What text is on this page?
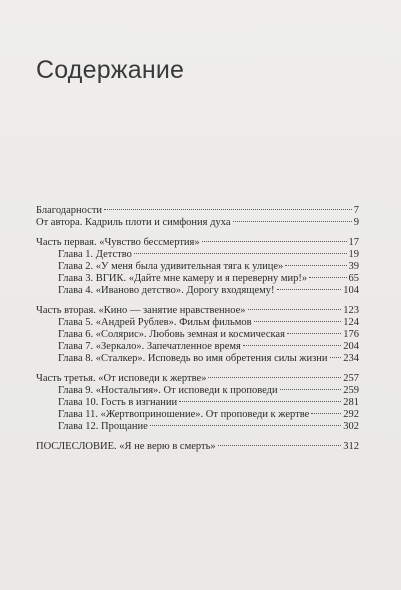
Содержание
Благодарности	7
От автора. Кадриль плоти и симфония духа	9
Часть первая. «Чувство бессмертия»	17
Глава 1. Детство	19
Глава 2. «У меня была удивительная тяга к улице»	39
Глава 3. ВГИК. «Дайте мне камеру и я переверну мир!»	65
Глава 4. «Иваново детство». Дорогу входящему!	104
Часть вторая. «Кино — занятие нравственное»	123
Глава 5. «Андрей Рублев». Фильм фильмов	124
Глава 6. «Солярис». Любовь земная и космическая	176
Глава 7. «Зеркало». Запечатленное время	204
Глава 8. «Сталкер». Исповедь во имя обретения силы жизни 234
Часть третья. «От исповеди к жертве»	257
Глава 9. «Ностальгия». От исповеди к проповеди	259
Глава 10. Гость в изгнании	281
Глава 11. «Жертвоприношение». От проповеди к жертве	292
Глава 12. Прощание	302
ПОСЛЕСЛОВИЕ. «Я не верю в смерть»	312
